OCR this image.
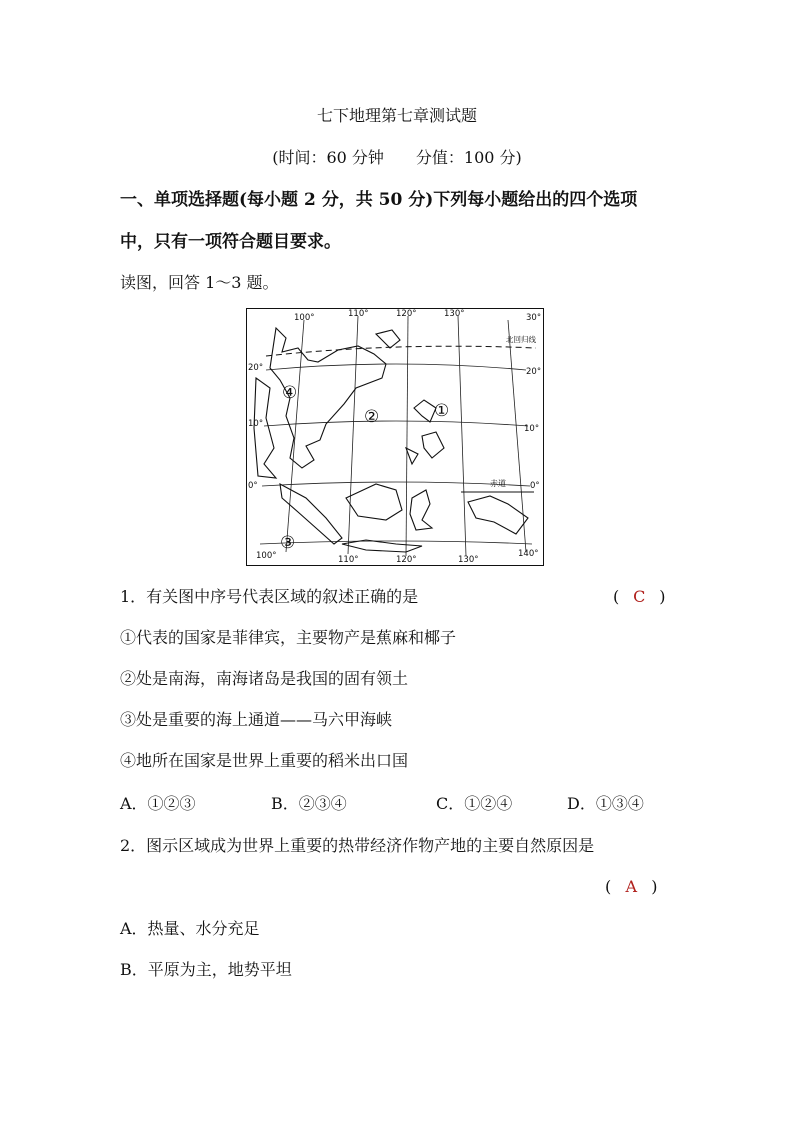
七下地理第七章测试题
(时间：60 分钟　　分值：100 分)
一、单项选择题(每小题 2 分，共 50 分)下列每小题给出的四个选项
中，只有一项符合题目要求。
读图，回答 1～3 题。
100°	110°	120°	130°	30°
20°
10°
0°
20°
10°
0°
100°	110°	120°	130°
140°
北回归线
赤道
①
②
③
④
1．有关图中序号代表区域的叙述正确的是	( C )
①代表的国家是菲律宾，主要物产是蕉麻和椰子
②处是南海，南海诸岛是我国的固有领土
③处是重要的海上通道——马六甲海峡
④地所在国家是世界上重要的稻米出口国
A．①②③	B．②③④	C．①②④	D．①③④
2．图示区域成为世界上重要的热带经济作物产地的主要自然原因是
( A )
A．热量、水分充足
B．平原为主，地势平坦
